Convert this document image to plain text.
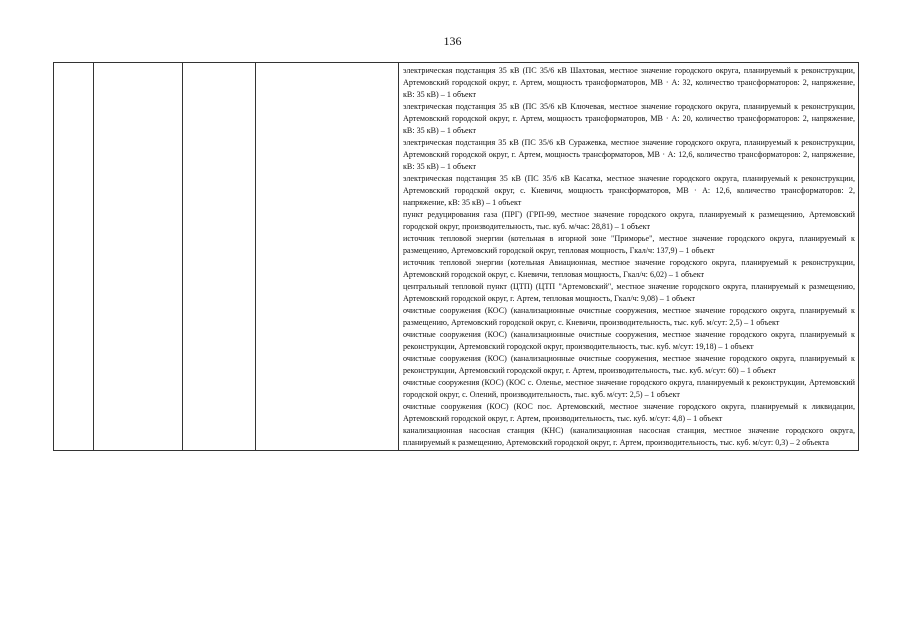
136

электрическая подстанция 35 кВ (ПС 35/6 кВ Шахтовая, местное значение городского округа, планируемый к реконструкции, Артемовский городской округ, г. Артем, мощность трансформаторов, МВ · А: 32, количество трансформаторов: 2, напряжение, кВ: 35 кВ) – 1 объект

электрическая подстанция 35 кВ (ПС 35/6 кВ Ключевая, местное значение городского округа, планируемый к реконструкции, Артемовский городской округ, г. Артем, мощность трансформаторов, МВ · А: 20, количество трансформаторов: 2, напряжение, кВ: 35 кВ) – 1 объект

электрическая подстанция 35 кВ (ПС 35/6 кВ Суражевка, местное значение городского округа, планируемый к реконструкции, Артемовский городской округ, г. Артем, мощность трансформаторов, МВ · А: 12,6, количество трансформаторов: 2, напряжение, кВ: 35 кВ) – 1 объект

электрическая подстанция 35 кВ (ПС 35/6 кВ Касатка, местное значение городского округа, планируемый к реконструкции, Артемовский городской округ, с. Кневичи, мощность трансформаторов, МВ · А: 12,6, количество трансформаторов: 2, напряжение, кВ: 35 кВ) – 1 объект

пункт редуцирования газа (ПРГ) (ГРП-99, местное значение городского округа, планируемый к размещению, Артемовский городской округ, производительность, тыс. куб. м/час: 28,81) – 1 объект

источник тепловой энергии (котельная в игорной зоне "Приморье", местное значение городского округа, планируемый к размещению, Артемовский городской округ, тепловая мощность, Гкал/ч: 137,9) – 1 объект

источник тепловой энергии (котельная Авиационная, местное значение городского округа, планируемый к реконструкции, Артемовский городской округ, с. Кневичи, тепловая мощность, Гкал/ч: 6,02) – 1 объект

центральный тепловой пункт (ЦТП) (ЦТП "Артемовский", местное значение городского округа, планируемый к размещению, Артемовский городской округ, г. Артем, тепловая мощность, Гкал/ч: 9,08) – 1 объект

очистные сооружения (КОС) (канализационные очистные сооружения, местное значение городского округа, планируемый к размещению, Артемовский городской округ, с. Кневичи, производительность, тыс. куб. м/сут: 2,5) – 1 объект

очистные сооружения (КОС) (канализационные очистные сооружения, местное значение городского округа, планируемый к реконструкции, Артемовский городской округ, производительность, тыс. куб. м/сут: 19,18) – 1 объект

очистные сооружения (КОС) (канализационные очистные сооружения, местное значение городского округа, планируемый к реконструкции, Артемовский городской округ, г. Артем, производительность, тыс. куб. м/сут: 60) – 1 объект

очистные сооружения (КОС) (КОС с. Оленье, местное значение городского округа, планируемый к реконструкции, Артемовский городской округ, с. Олений, производительность, тыс. куб. м/сут: 2,5) – 1 объект

очистные сооружения (КОС) (КОС пос. Артемовский, местное значение городского округа, планируемый к ликвидации, Артемовский городской округ, г. Артем, производительность, тыс. куб. м/сут: 4,8) – 1 объект

канализационная насосная станция (КНС) (канализационная насосная станция, местное значение городского округа, планируемый к размещению, Артемовский городской округ, г. Артем, производительность, тыс. куб. м/сут: 0,3) – 2 объекта
